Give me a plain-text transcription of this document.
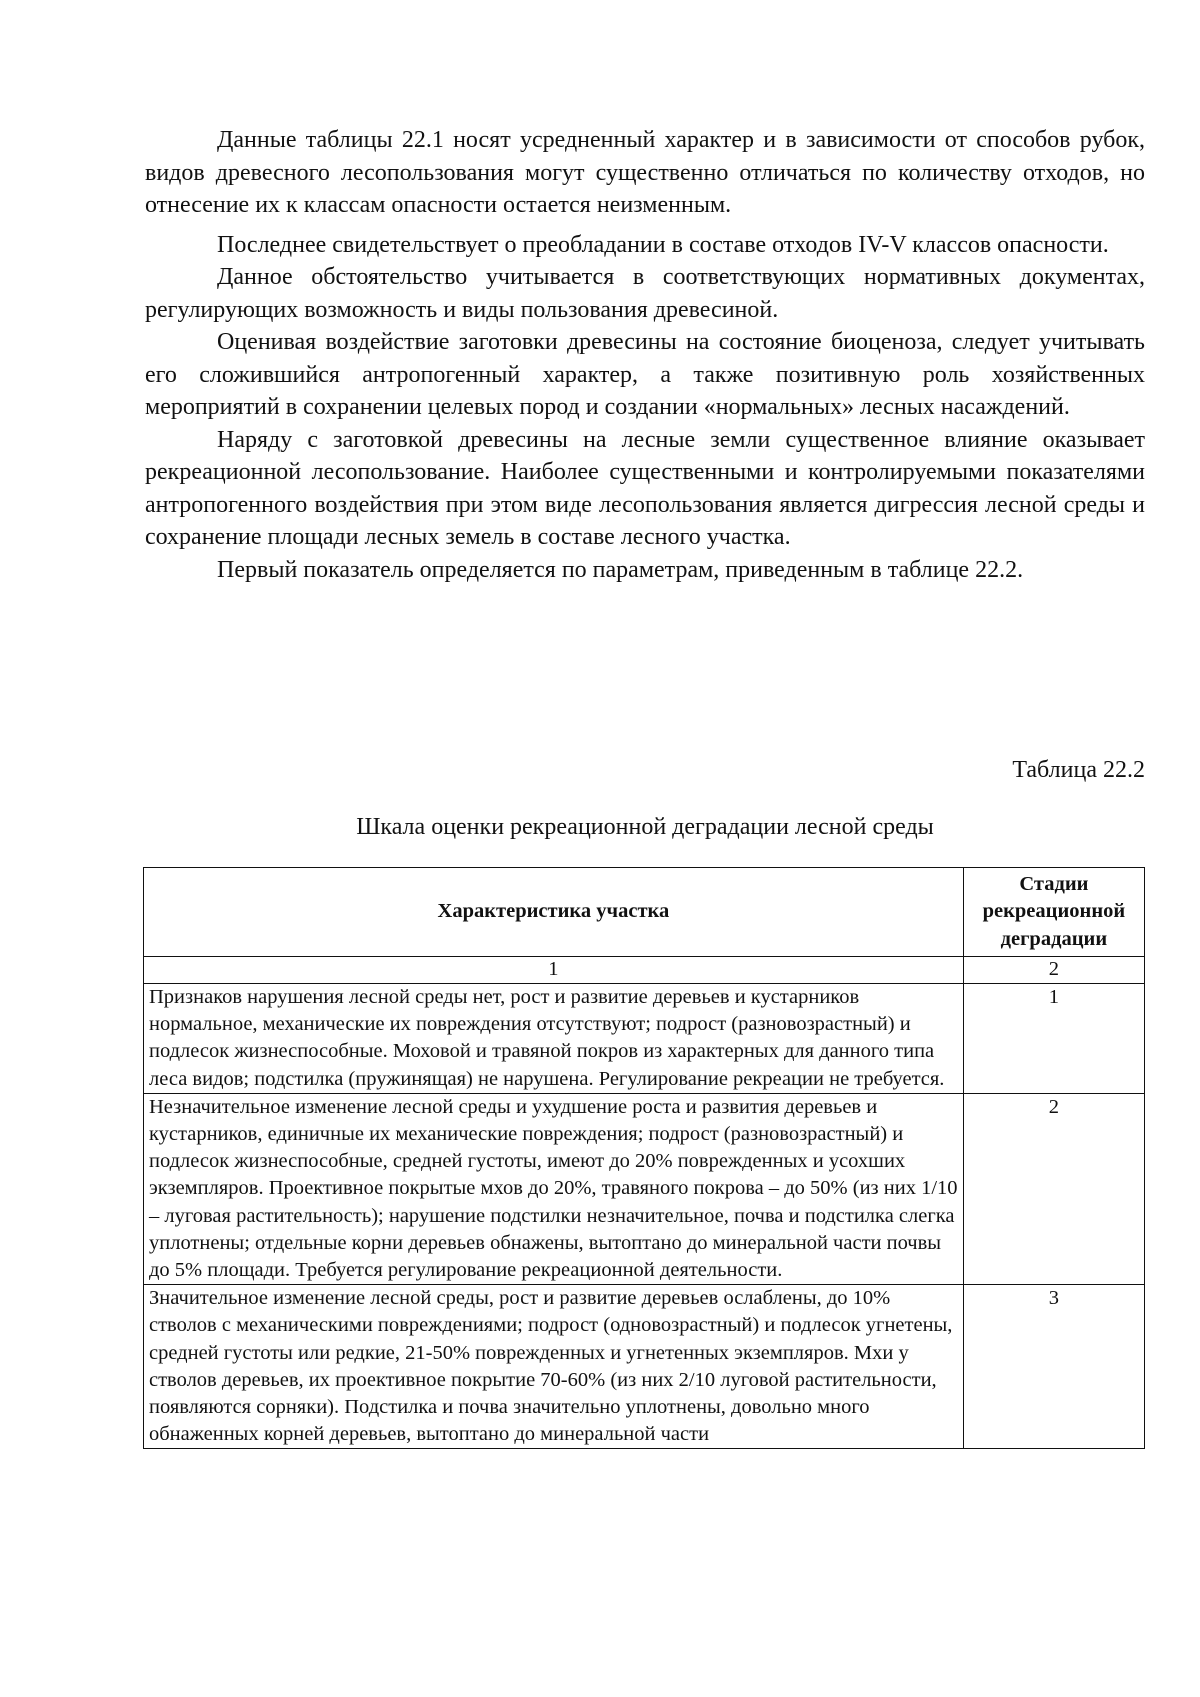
Данные таблицы 22.1 носят усредненный характер и в зависимости от способов рубок, видов древесного лесопользования могут существенно отличаться по количеству отходов, но отнесение их к классам опасности остается неизменным.

Последнее свидетельствует о преобладании в составе отходов IV-V классов опасности.

Данное обстоятельство учитывается в соответствующих нормативных документах, регулирующих возможность и виды пользования древесиной.

Оценивая воздействие заготовки древесины на состояние биоценоза, следует учитывать его сложившийся антропогенный характер, а также позитивную роль хозяйственных мероприятий в сохранении целевых пород и создании «нормальных» лесных насаждений.

Наряду с заготовкой древесины на лесные земли существенное влияние оказывает рекреационной лесопользование. Наиболее существенными и контролируемыми показателями антропогенного воздействия при этом виде лесопользования является дигрессия лесной среды и сохранение площади лесных земель в составе лесного участка.

Первый показатель определяется по параметрам, приведенным в таблице 22.2.

Таблица 22.2
Шкала оценки рекреационной деградации лесной среды
Характеристика участка	Стадии рекреационной деградации
1	2
Признаков нарушения лесной среды нет, рост и развитие деревьев и кустарников нормальное, механические их повреждения отсутствуют; подрост (разновозрастный) и подлесок жизнеспособные. Моховой и травяной покров из характерных для данного типа леса видов; подстилка (пружинящая) не нарушена. Регулирование рекреации не требуется.	1
Незначительное изменение лесной среды и ухудшение роста и развития деревьев и кустарников, единичные их механические повреждения; подрост (разновозрастный) и подлесок жизнеспособные, средней густоты, имеют до 20% поврежденных и усохших экземпляров. Проективное покрытые мхов до 20%, травяного покрова – до 50% (из них 1/10 – луговая растительность); нарушение подстилки незначительное, почва и подстилка слегка уплотнены; отдельные корни деревьев обнажены, вытоптано до минеральной части почвы до 5% площади. Требуется регулирование рекреационной деятельности.	2
Значительное изменение лесной среды, рост и развитие деревьев ослаблены, до 10% стволов с механическими повреждениями; подрост (одновозрастный) и подлесок угнетены, средней густоты или редкие, 21-50% поврежденных и угнетенных экземпляров. Мхи у стволов деревьев, их проективное покрытие 70-60% (из них 2/10 луговой растительности, появляются сорняки). Подстилка и почва значительно уплотнены, довольно много обнаженных корней деревьев, вытоптано до минеральной части	3
